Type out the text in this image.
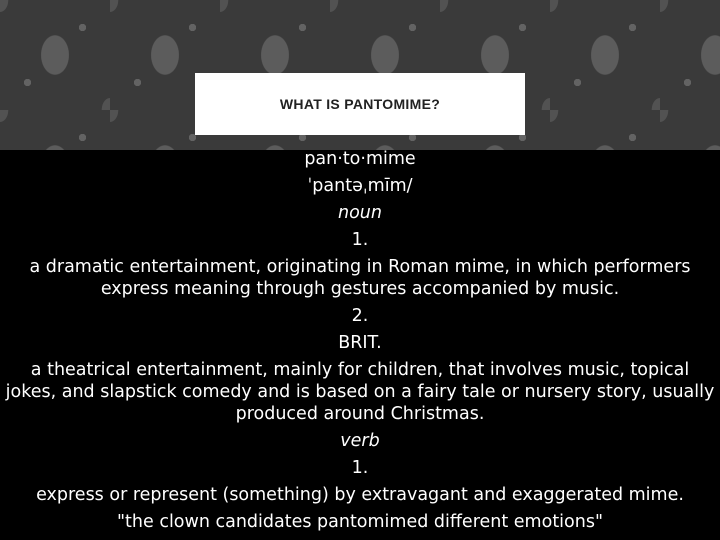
WHAT IS PANTOMIME?
pan·to·mime
ˈpantəˌmīm/
noun
1.
a dramatic entertainment, originating in Roman mime, in which performers express meaning through gestures accompanied by music.
2.
BRIT.
a theatrical entertainment, mainly for children, that involves music, topical jokes, and slapstick comedy and is based on a fairy tale or nursery story, usually produced around Christmas.
verb
1.
express or represent (something) by extravagant and exaggerated mime.
"the clown candidates pantomimed different emotions"
